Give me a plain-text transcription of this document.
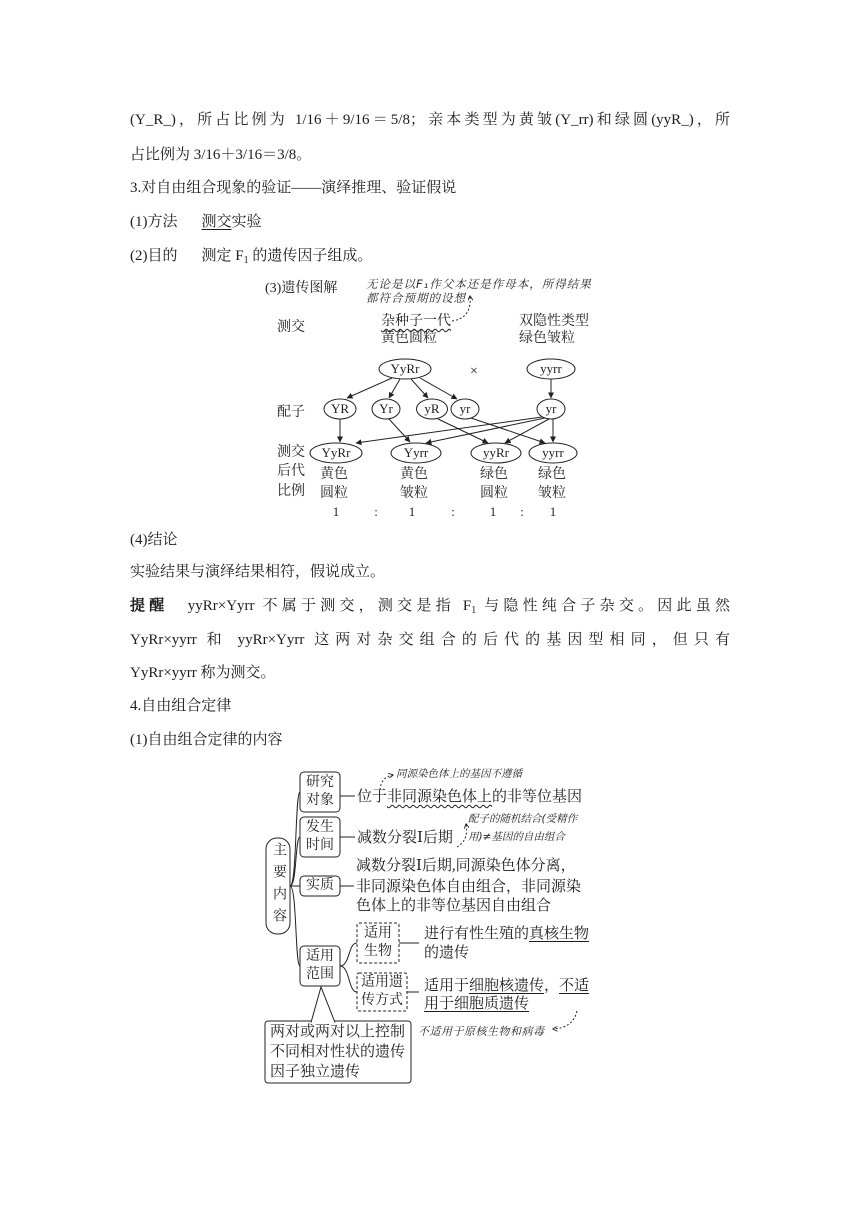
(Y_R_)，所占比例为 1/16＋9/16＝5/8；亲本类型为黄皱(Y_rr)和绿圆(yyR_)，所
占比例为 3/16＋3/16＝3/8。
3.对自由组合现象的验证——演绎推理、验证假说
(1)方法 测交实验
(2)目的 测定 $F_1$ 的遗传因子组成。
(3)遗传图解 无论是以F₁作父本还是作母本，所得结果
都符合预期的设想
测交	杂种子一代
黄色圆粒
双隐性类型
绿色皱粒
YyRr	×	yyrr
配子	YR	Yr	yR	yr	yr
测交
后代
比例
YyRr	Yyrr	yyRr	yyrr
黄色	黄色	绿色 绿色
圆粒	皱粒	圆粒 皱粒
1	:	1	:	1	:	1
(4)结论
实验结果与演绎结果相符，假说成立。
提醒　 yyRr×Yyrr 不属于测交，测交是指 $F_1$ 与隐性纯合子杂交。因此虽然
YyRr×yyrr 和 yyRr×Yyrr 这两对杂交组合的后代的基因型相同，但只有
YyRr×yyrr 称为测交。
4.自由组合定律
(1)自由组合定律的内容
主要内容
研究
对象
发生
时间
实质
适用
范围
位于非同源染色体上的非等位基因
同源染色体上的基因不遵循
减数分裂Ⅰ后期
配子的随机结合(受精作
用)≠基因的自由组合
减数分裂Ⅰ后期,同源染色体分离，
非同源染色体自由组合，非同源染
色体上的非等位基因自由组合
适用
生物
进行有性生殖的真核生物
的遗传
适用遗
传方式
适用于细胞核遗传，不适
用于细胞质遗传
不适用于原核生物和病毒
两对或两对以上控制
不同相对性状的遗传
因子独立遗传
